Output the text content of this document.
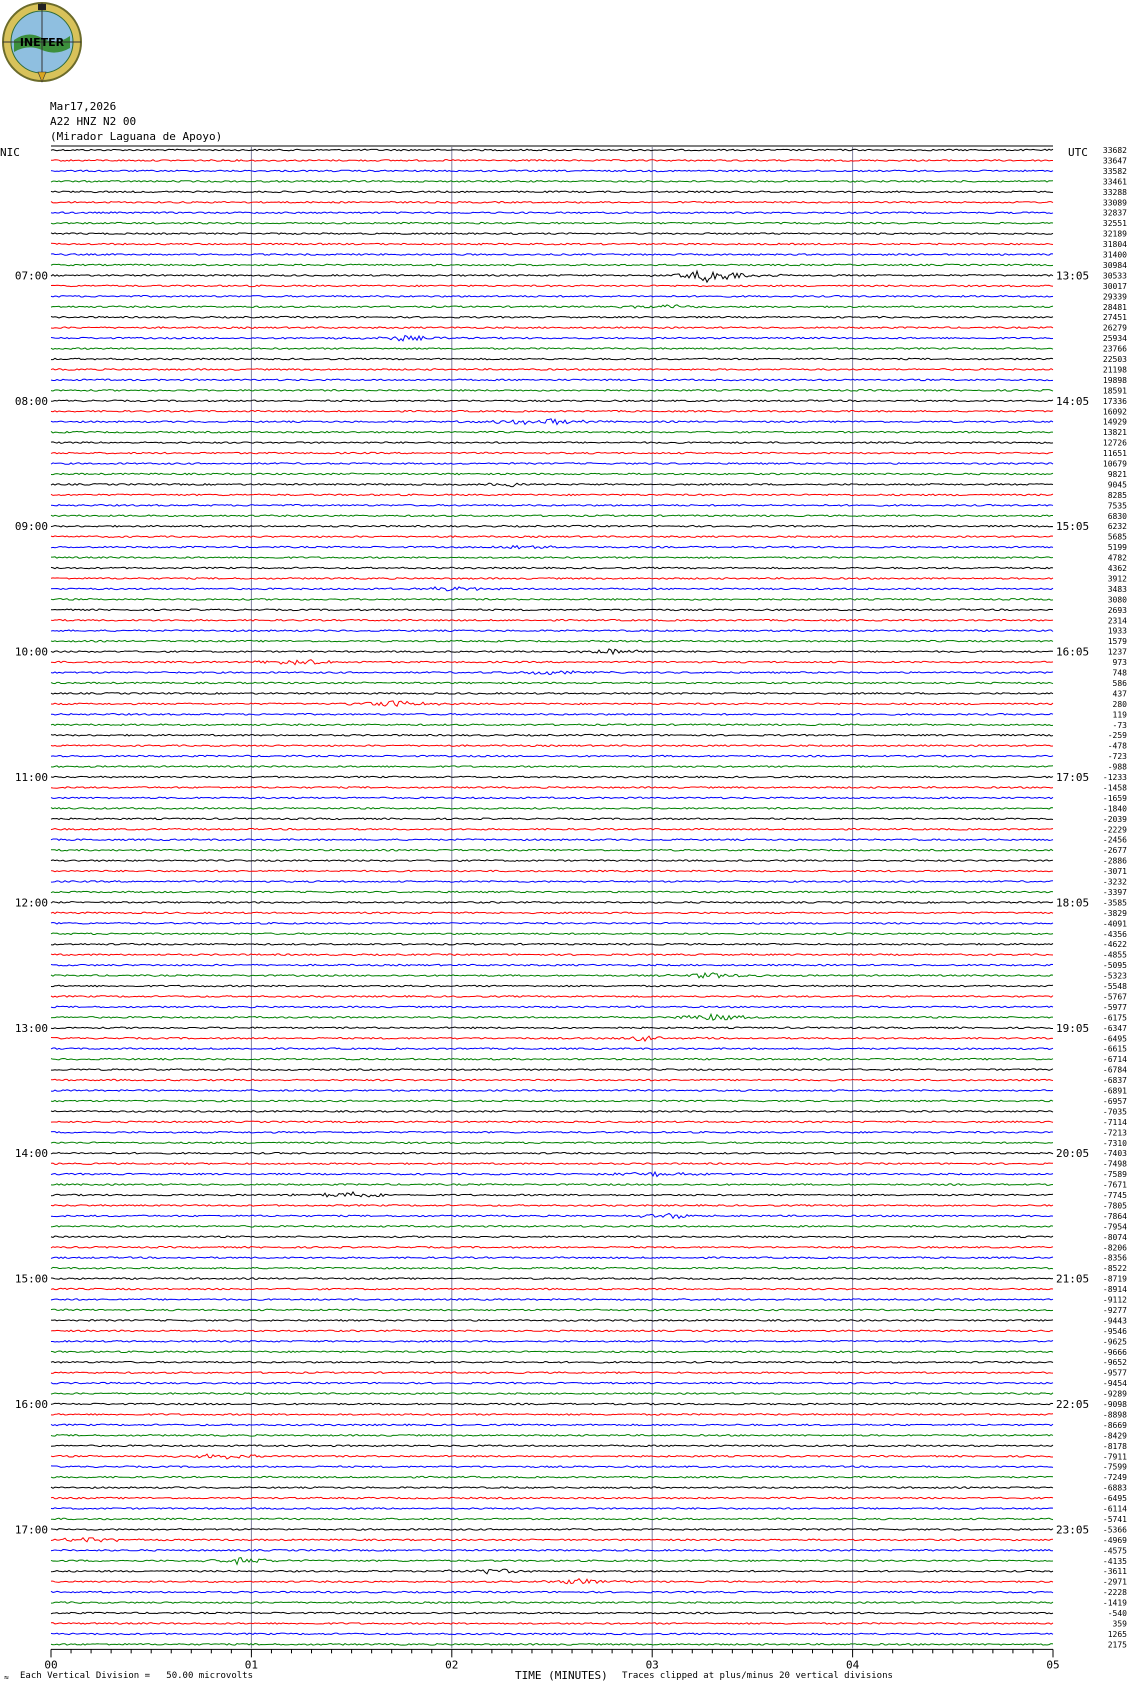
INETER
Mar17,2026
A22 HNZ N2 00
(Mirador Laguana de Apoyo)
00	01	02	03	04	05
07:00
08:00
09:00
10:00
11:00
12:00
13:00
14:00
15:00
16:00
17:00
13:05
14:05
15:05
16:05
17:05
18:05
19:05
20:05
21:05
22:05
23:05
33682
33647
33582
33461
33288
33089
32837
32551
32189
31804
31400
30984
30533
30017
29339
28481
27451
26279
25934
23766
22503
21198
19898
18591
17336
16092
14929
13821
12726
11651
10679
9821
9045
8285
7535
6830
6232
5685
5199
4782
4362
3912
3483
3080
2693
2314
1933
1579
1237
973
748
586
437
280
119
-73
-259
-478
-723
-988
-1233
-1458
-1659
-1840
-2039
-2229
-2456
-2677
-2886
-3071
-3232
-3397
-3585
-3829
-4091
-4356
-4622
-4855
-5095
-5323
-5548
-5767
-5977
-6175
-6347
-6495
-6615
-6714
-6784
-6837
-6891
-6957
-7035
-7114
-7213
-7310
-7403
-7498
-7589
-7671
-7745
-7805
-7864
-7954
-8074
-8206
-8356
-8522
-8719
-8914
-9112
-9277
-9443
-9546
-9625
-9666
-9652
-9577
-9454
-9289
-9098
-8898
-8669
-8429
-8178
-7911
-7599
-7249
-6883
-6495
-6114
-5741
-5366
-4969
-4575
-4135
-3611
-2971
-2228
-1419
-540
359
1265
2175
NIC	UTC
≈ Each Vertical Division =   50.00 microvolts	TIME (MINUTES) Traces clipped at plus/minus 20 vertical divisions
